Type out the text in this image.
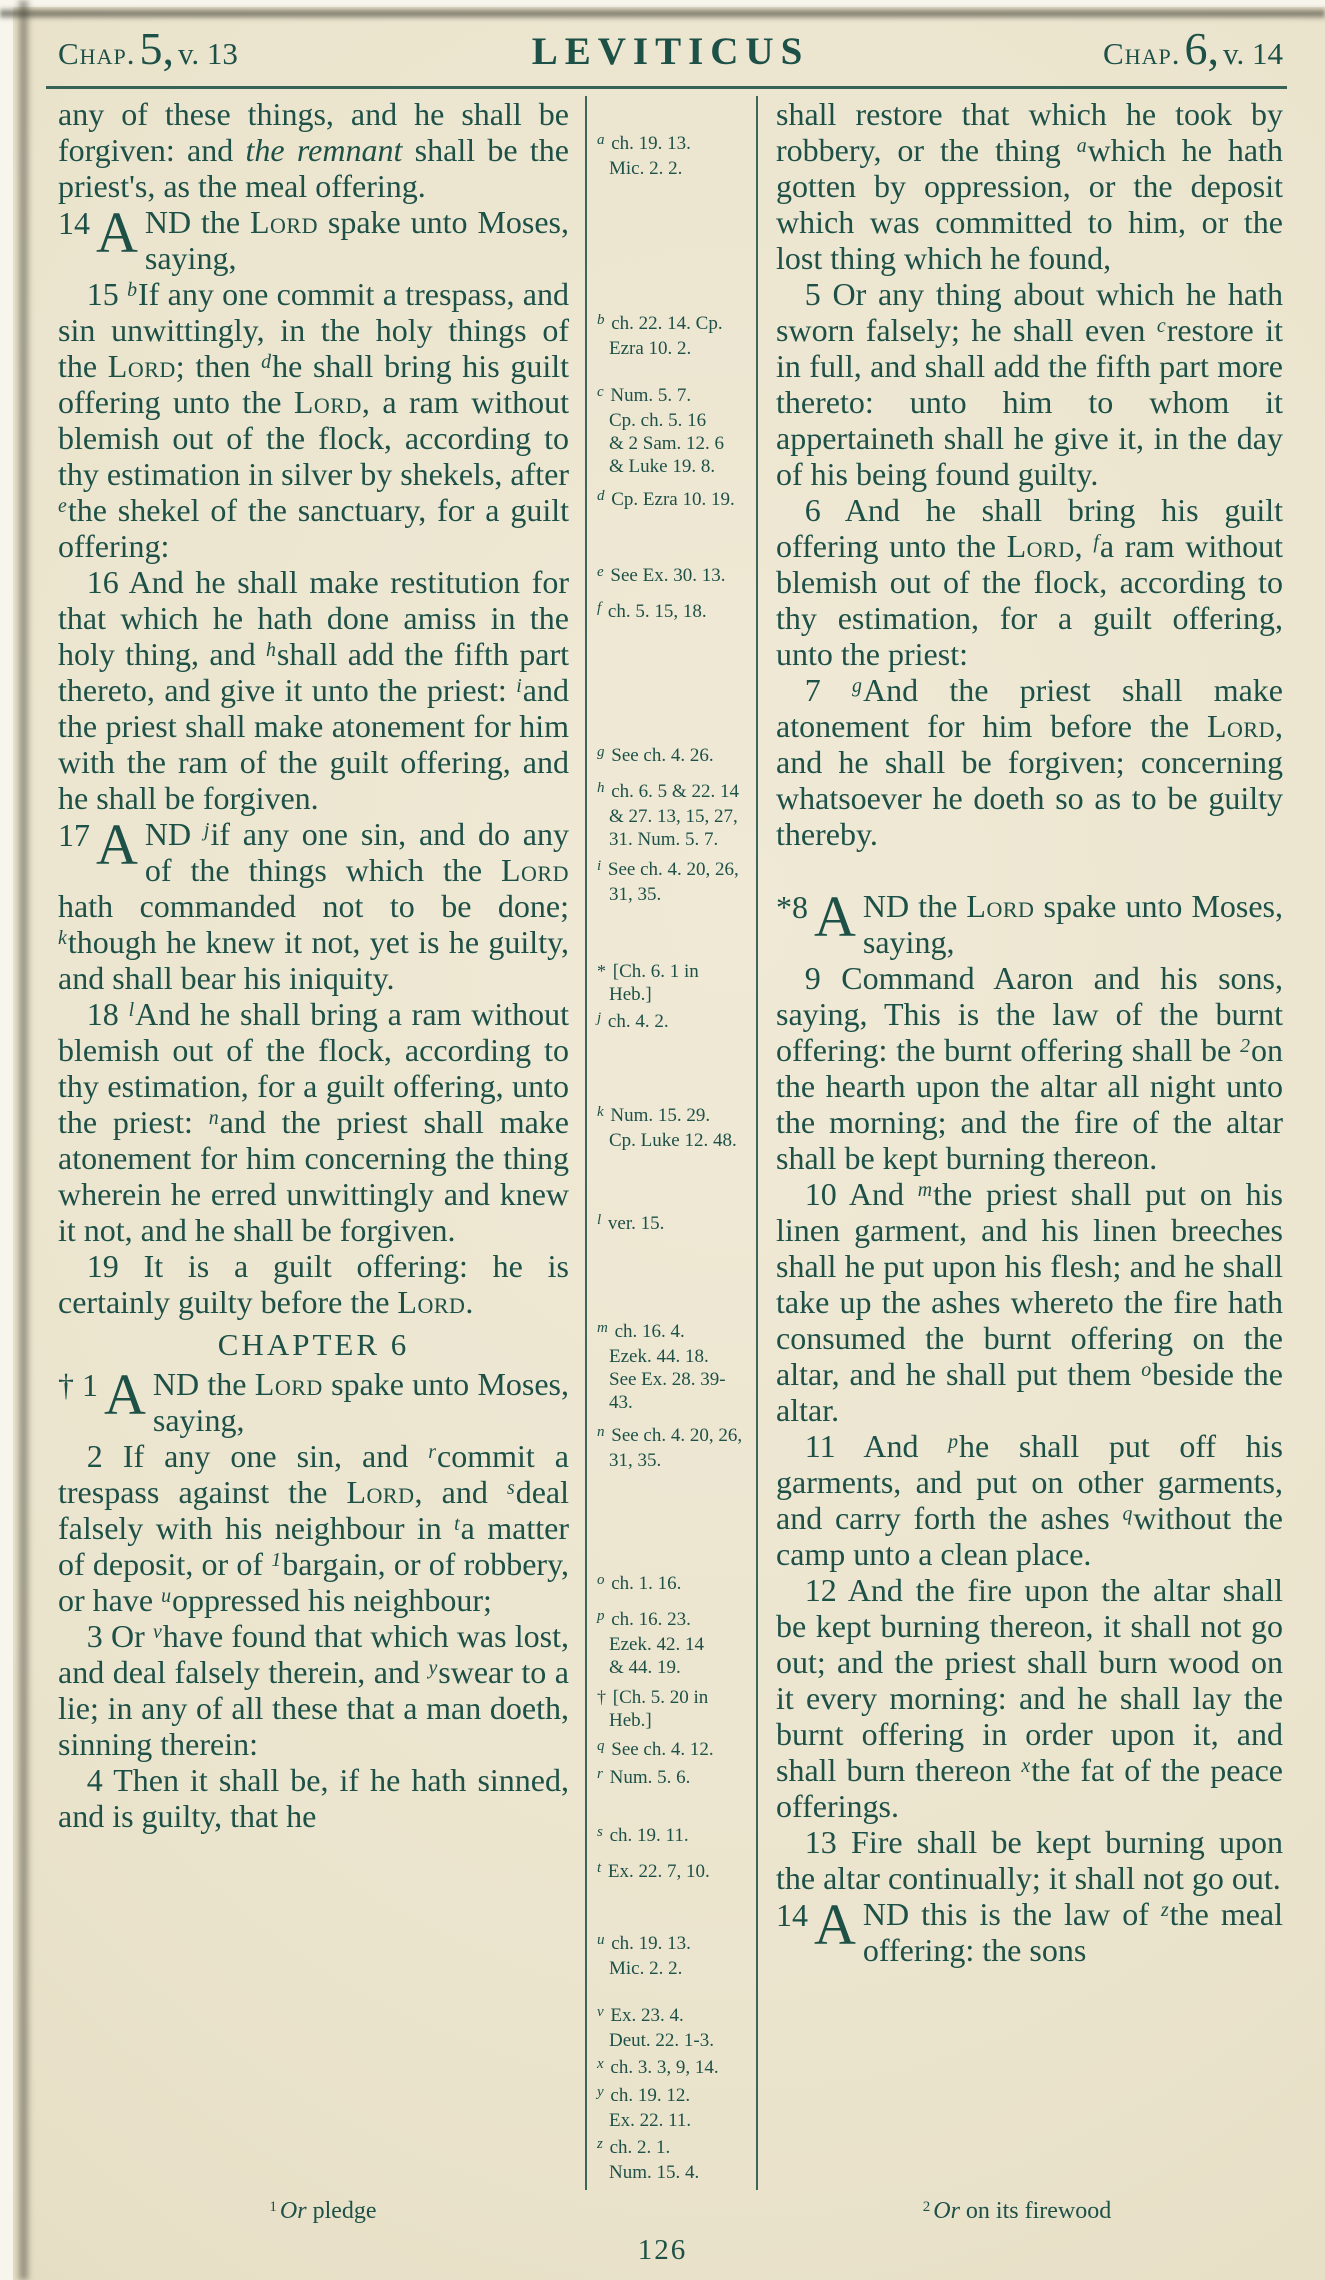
Chap. 5, v. 13	LEVITICUS	Chap. 6, v. 14

any of these things, and he shall be forgiven: and the remnant shall be the priest's, as the meal offering.

14 A ND the Lord spake unto Moses, saying,

15 $^b$If any one commit a trespass, and sin unwittingly, in the holy things of the Lord; then $^d$he shall bring his guilt offering unto the Lord, a ram without blemish out of the flock, according to thy estimation in silver by shekels, after $^e$the shekel of the sanctuary, for a guilt offering:

16 And he shall make restitution for that which he hath done amiss in the holy thing, and $^h$shall add the fifth part thereto, and give it unto the priest: $^i$and the priest shall make atonement for him with the ram of the guilt offering, and he shall be forgiven.

17 A ND $^j$if any one sin, and do any of the things which the Lord hath commanded not to be done; $^k$though he knew it not, yet is he guilty, and shall bear his iniquity.

18 $^l$And he shall bring a ram without blemish out of the flock, according to thy estimation, for a guilt offering, unto the priest: $^n$and the priest shall make atonement for him concerning the thing wherein he erred unwittingly and knew it not, and he shall be forgiven.

19 It is a guilt offering: he is certainly guilty before the Lord.

CHAPTER 6

† 1 A ND the Lord spake unto Moses, saying,

2 If any one sin, and $^r$commit a trespass against the Lord, and $^s$deal falsely with his neighbour in $^t$a matter of deposit, or of $^1$bargain, or of robbery, or have $^u$oppressed his neighbour;

3 Or $^v$have found that which was lost, and deal falsely therein, and $^y$swear to a lie; in any of all these that a man doeth, sinning therein:

4 Then it shall be, if he hath sinned, and is guilty, that he

$^a$ ch. 19. 13.
Mic. 2. 2.
$^b$ ch. 22. 14. Cp.
Ezra 10. 2.
$^c$ Num. 5. 7.
Cp. ch. 5. 16
& 2 Sam. 12. 6
& Luke 19. 8.
$^d$ Cp. Ezra 10. 19.
$^e$ See Ex. 30. 13.
$^f$ ch. 5. 15, 18.
$^g$ See ch. 4. 26.
$^h$ ch. 6. 5 & 22. 14
& 27. 13, 15, 27,
31. Num. 5. 7.
$^i$ See ch. 4. 20, 26,
31, 35.
* [Ch. 6. 1 in
Heb.]
$^j$ ch. 4. 2.
$^k$ Num. 15. 29.
Cp. Luke 12. 48.
$^l$ ver. 15.
$^m$ ch. 16. 4.
Ezek. 44. 18.
See Ex. 28. 39-
43.
$^n$ See ch. 4. 20, 26,
31, 35.
$^o$ ch. 1. 16.
$^p$ ch. 16. 23.
Ezek. 42. 14
& 44. 19.
† [Ch. 5. 20 in
Heb.]
$^q$ See ch. 4. 12.
$^r$ Num. 5. 6.
$^s$ ch. 19. 11.
$^t$ Ex. 22. 7, 10.
$^u$ ch. 19. 13.
Mic. 2. 2.
$^v$ Ex. 23. 4.
Deut. 22. 1-3.
$^x$ ch. 3. 3, 9, 14.
$^y$ ch. 19. 12.
Ex. 22. 11.
$^z$ ch. 2. 1.
Num. 15. 4.

shall restore that which he took by robbery, or the thing $^a$which he hath gotten by oppression, or the deposit which was committed to him, or the lost thing which he found,

5 Or any thing about which he hath sworn falsely; he shall even $^c$restore it in full, and shall add the fifth part more thereto: unto him to whom it appertaineth shall he give it, in the day of his being found guilty.

6 And he shall bring his guilt offering unto the Lord, $^f$a ram without blemish out of the flock, according to thy estimation, for a guilt offering, unto the priest:

7 $^g$And the priest shall make atonement for him before the Lord, and he shall be forgiven; concerning whatsoever he doeth so as to be guilty thereby.

*8 A ND the Lord spake unto Moses, saying,

9 Command Aaron and his sons, saying, This is the law of the burnt offering: the burnt offering shall be $^2$on the hearth upon the altar all night unto the morning; and the fire of the altar shall be kept burning thereon.

10 And $^m$the priest shall put on his linen garment, and his linen breeches shall he put upon his flesh; and he shall take up the ashes whereto the fire hath consumed the burnt offering on the altar, and he shall put them $^o$beside the altar.

11 And $^p$he shall put off his garments, and put on other garments, and carry forth the ashes $^q$without the camp unto a clean place.

12 And the fire upon the altar shall be kept burning thereon, it shall not go out; and the priest shall burn wood on it every morning: and he shall lay the burnt offering in order upon it, and shall burn thereon $^x$the fat of the peace offerings.

13 Fire shall be kept burning upon the altar continually; it shall not go out.

14 A ND this is the law of $^z$the meal offering: the sons

$^1$ Or pledge	$^2$ Or on its firewood
126
